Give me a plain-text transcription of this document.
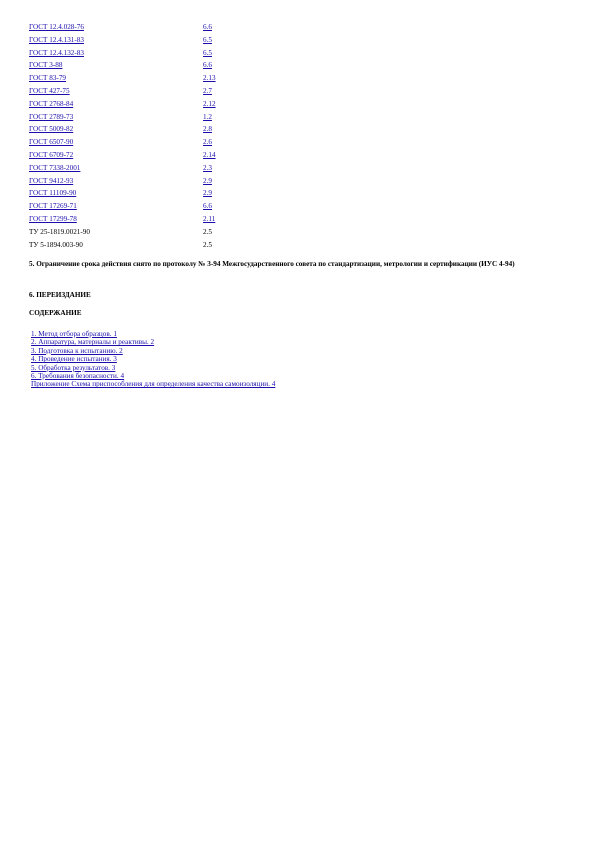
ГОСТ 12.4.028-76	6.6
ГОСТ 12.4.131-83	6.5
ГОСТ 12.4.132-83	6.5
ГОСТ 3-88	6.6
ГОСТ 83-79	2.13
ГОСТ 427-75	2.7
ГОСТ 2768-84	2.12
ГОСТ 2789-73	1.2
ГОСТ 5009-82	2.8
ГОСТ 6507-90	2.6
ГОСТ 6709-72	2.14
ГОСТ 7338-2001	2.3
ГОСТ 9412-93	2.9
ГОСТ 11109-90	2.9
ГОСТ 17269-71	6.6
ГОСТ 17299-78	2.11
ТУ 25-1819.0021-90	2.5
ТУ 5-1894.003-90	2.5

5. Ограничение срока действия снято по протоколу № 3-94 Межгосударственного совета по стандартизации, метрологии и сертификации (ИУС 4-94)

6. ПЕРЕИЗДАНИЕ

СОДЕРЖАНИЕ

1. Метод отбора образцов. 1
2. Аппаратура, материалы и реактивы. 2
3. Подготовка к испытанию. 2
4. Проведение испытания. 3
5. Обработка результатов. 3
6. Требования безопасности. 4
Приложение Схема приспособления для определения качества самоизоляции. 4
